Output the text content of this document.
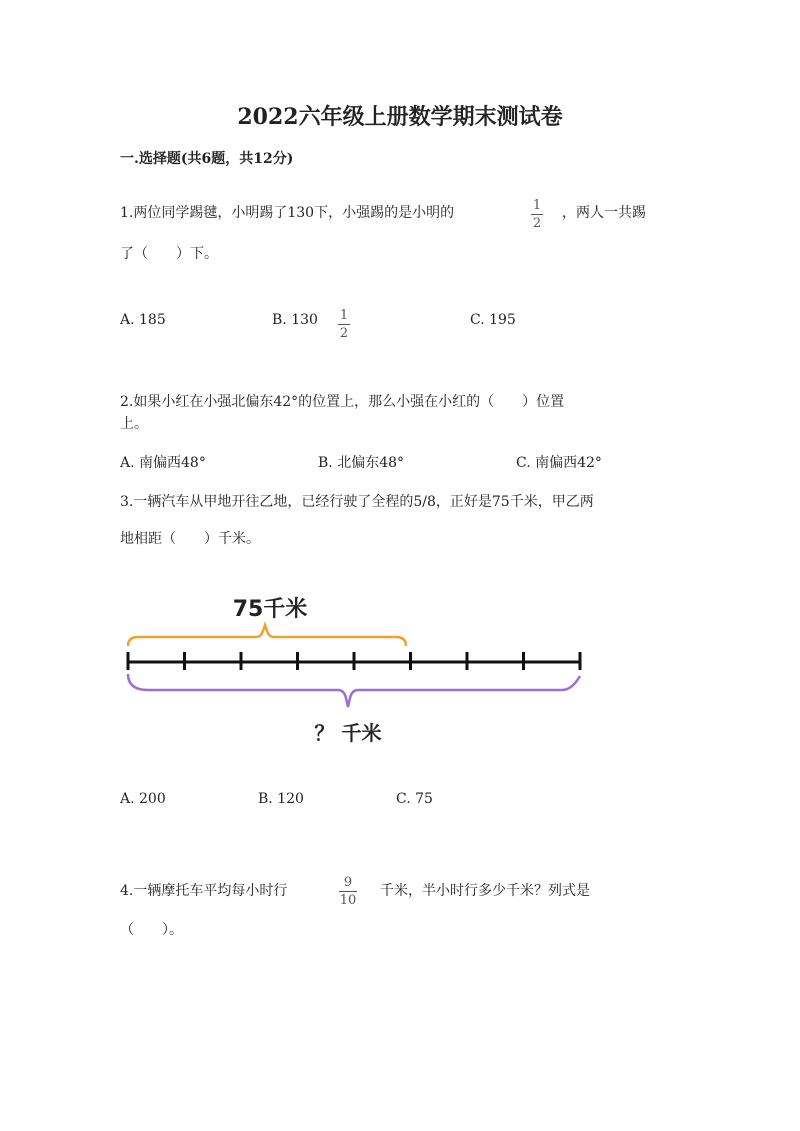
2022六年级上册数学期末测试卷
一.选择题(共6题，共12分)
1.两位同学踢毽，小明踢了130下，小强踢的是小明的	1
2
，两人一共踢
了（　　）下。
A. 185	B. 130 1
2
C. 195
2.如果小红在小强北偏东42°的位置上，那么小强在小红的（　　）位置
上。
A. 南偏西48°	B. 北偏东48°	C. 南偏西42°
3.一辆汽车从甲地开往乙地，已经行驶了全程的5/8，正好是75千米，甲乙两
地相距（　　）千米。
75千米
？ 千米
A. 200	B. 120	C. 75
4.一辆摩托车平均每小时行
9
10
千米，半小时行多少千米？列式是
（　　）。
